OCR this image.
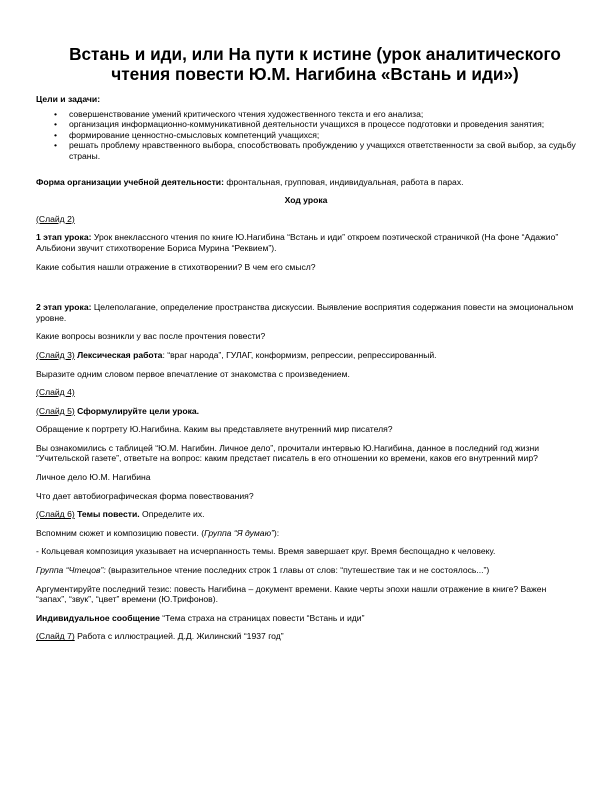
Встань и иди, или На пути к истине (урок аналитического чтения повести Ю.М. Нагибина «Встань и иди»)

Цели и задачи:

• совершенствование умений критического чтения художественного текста и его анализа;
• организация информационно-коммуникативной деятельности учащихся в процессе подготовки и проведения занятия;
• формирование ценностно-смысловых компетенций учащихся;
• решать проблему нравственного выбора, способствовать пробуждению у учащихся ответственности за свой выбор, за судьбу страны.

Форма организации учебной деятельности: фронтальная, групповая, индивидуальная, работа в парах.

Ход урока

(Слайд 2)

1 этап урока: Урок внеклассного чтения по книге Ю.Нагибина “Встань и иди” откроем поэтической страничкой (На фоне “Адажио” Альбиони звучит стихотворение Бориса Мурина “Реквием”).

Какие события нашли отражение в стихотворении? В чем его смысл?

2 этап урока: Целеполагание, определение пространства дискуссии. Выявление восприятия содержания повести на эмоциональном уровне.

Какие вопросы возникли у вас после прочтения повести?

(Слайд 3) Лексическая работа: “враг народа”, ГУЛАГ, конформизм, репрессии, репрессированный.

Выразите одним словом первое впечатление от знакомства с произведением.

(Слайд 4)

(Слайд 5) Сформулируйте цели урока.

Обращение к портрету Ю.Нагибина. Каким вы представляете внутренний мир писателя?

Вы ознакомились с таблицей “Ю.М. Нагибин. Личное дело”, прочитали интервью Ю.Нагибина, данное в последний год жизни “Учительской газете”, ответьте на вопрос: каким предстает писатель в его отношении ко времени, каков его внутренний мир?

Личное дело Ю.М. Нагибина

Что дает автобиографическая форма повествования?

(Слайд 6) Темы повести. Определите их.

Вспомним сюжет и композицию повести. (Группа “Я думаю”):

- Кольцевая композиция указывает на исчерпанность темы. Время завершает круг. Время беспощадно к человеку.

Группа “Чтецов”: (выразительное чтение последних строк 1 главы от слов: “путешествие так и не состоялось...”)

Аргументируйте последний тезис: повесть Нагибина – документ времени. Какие черты эпохи нашли отражение в книге? Важен “запах”, “звук”, “цвет” времени (Ю.Трифонов).

Индивидуальное сообщение “Тема страха на страницах повести “Встань и иди”

(Слайд 7) Работа с иллюстрацией. Д.Д. Жилинский “1937 год”
